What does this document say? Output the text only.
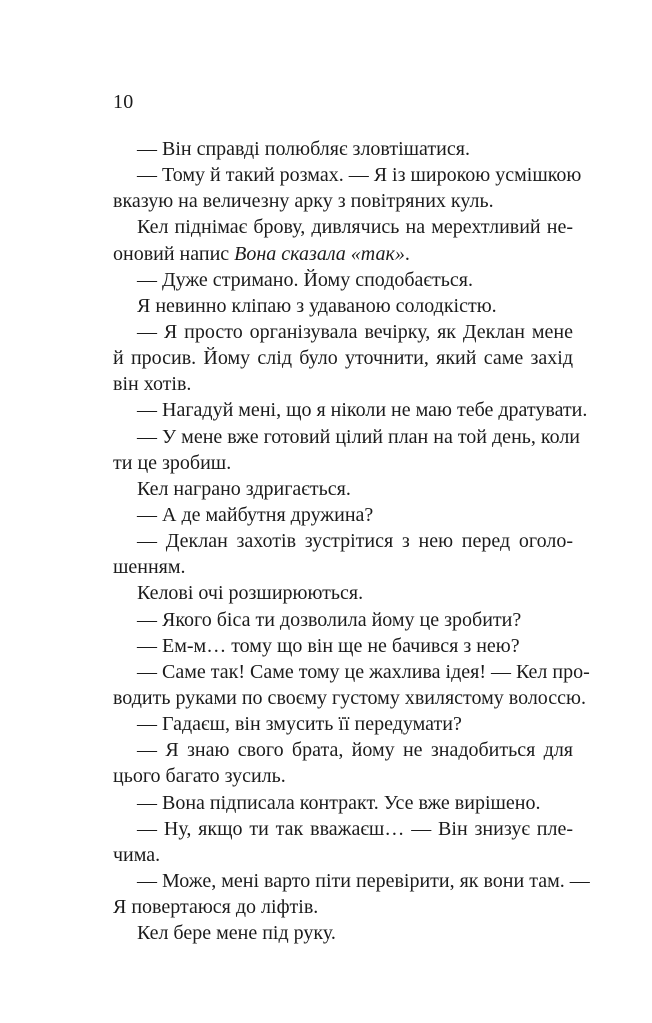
10
— Він справді полюбляє зловтішатися.
— Тому й такий розмах. — Я із широкою усмішкою
вказую на величезну арку з повітряних куль.
Кел піднімає брову, дивлячись на мерехтливий не-
оновий напис Вона сказала «так».
— Дуже стримано. Йому сподобається.
Я невинно кліпаю з удаваною солодкістю.
— Я просто організувала вечірку, як Деклан мене
й просив. Йому слід було уточнити, який саме захід
він хотів.
— Нагадуй мені, що я ніколи не маю тебе дратувати.
— У мене вже готовий цілий план на той день, коли
ти це зробиш.
Кел награно здригається.
— А де майбутня дружина?
— Деклан захотів зустрітися з нею перед оголо-
шенням.
Келові очі розширюються.
— Якого біса ти дозволила йому це зробити?
— Ем-м… тому що він ще не бачився з нею?
— Саме так! Саме тому це жахлива ідея! — Кел про-
водить руками по своєму густому хвилястому волоссю.
— Гадаєш, він змусить її передумати?
— Я знаю свого брата, йому не знадобиться для
цього багато зусиль.
— Вона підписала контракт. Усе вже вирішено.
— Ну, якщо ти так вважаєш… — Він знизує пле-
чима.
— Може, мені варто піти перевірити, як вони там. —
Я повертаюся до ліфтів.
Кел бере мене під руку.
